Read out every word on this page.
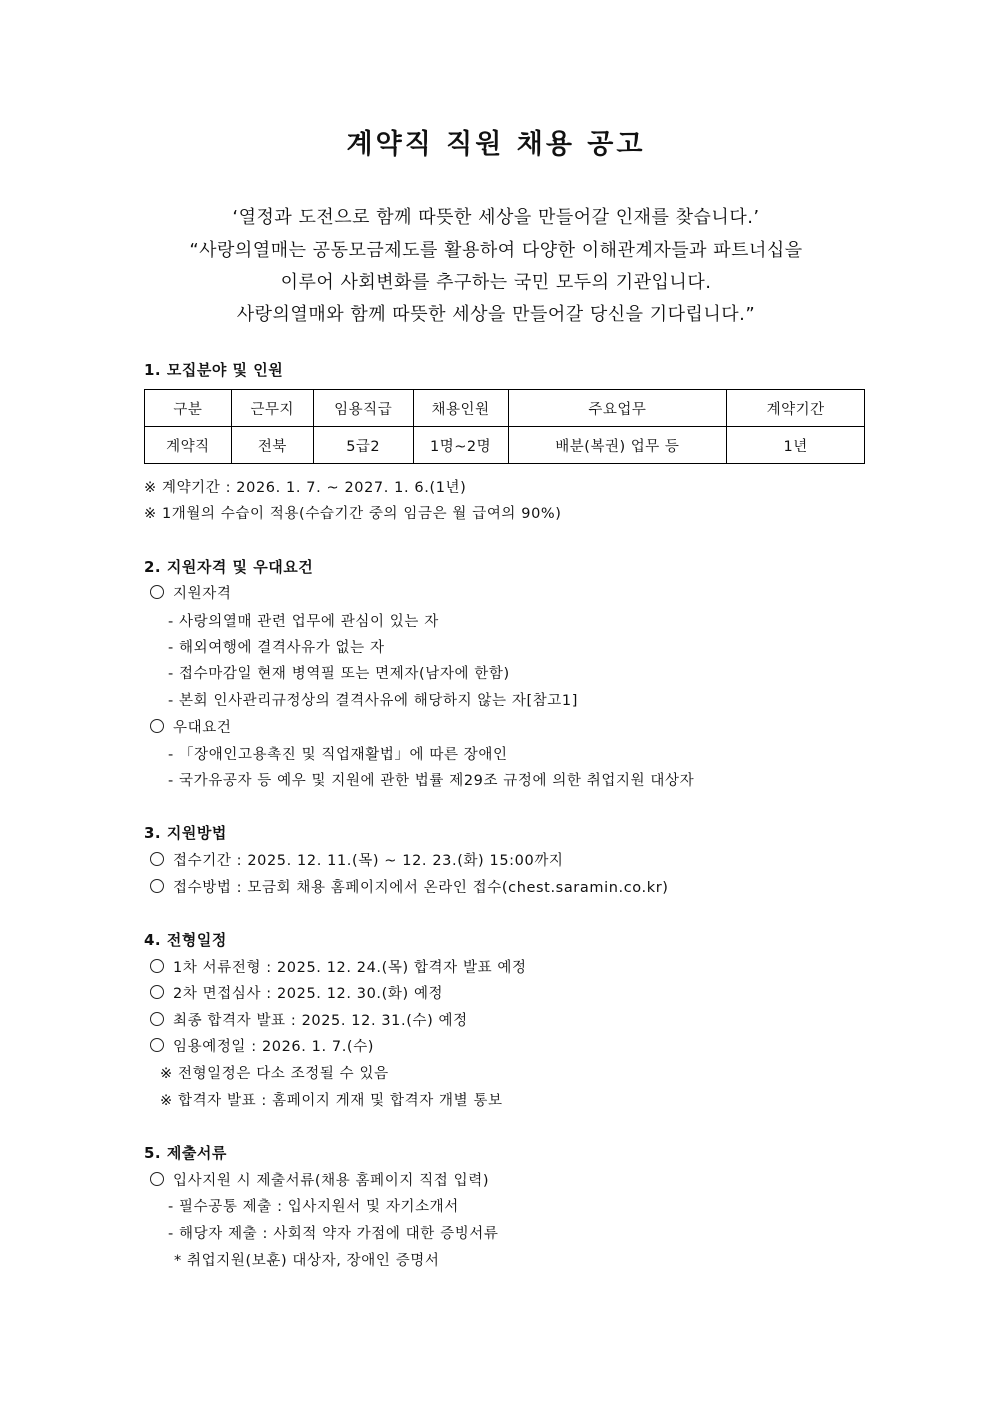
계약직 직원 채용 공고
‘열정과 도전으로 함께 따뜻한 세상을 만들어갈 인재를 찾습니다.’
“사랑의열매는 공동모금제도를 활용하여 다양한 이해관계자들과 파트너십을
이루어 사회변화를 추구하는 국민 모두의 기관입니다.
사랑의열매와 함께 따뜻한 세상을 만들어갈 당신을 기다립니다.”
1. 모집분야 및 인원
구분	근무지	임용직급	채용인원	주요업무	계약기간
계약직	전북	5급2	1명~2명	배분(복권) 업무 등	1년
※ 계약기간 : 2026. 1. 7. ~ 2027. 1. 6.(1년)
※ 1개월의 수습이 적용(수습기간 중의 임금은 월 급여의 90%)
2. 지원자격 및 우대요건
지원자격
- 사랑의열매 관련 업무에 관심이 있는 자
- 해외여행에 결격사유가 없는 자
- 접수마감일 현재 병역필 또는 면제자(남자에 한함)
- 본회 인사관리규정상의 결격사유에 해당하지 않는 자[참고1]
우대요건
- 「장애인고용촉진 및 직업재활법」에 따른 장애인
- 국가유공자 등 예우 및 지원에 관한 법률 제29조 규정에 의한 취업지원 대상자
3. 지원방법
접수기간 : 2025. 12. 11.(목) ~ 12. 23.(화) 15:00까지
접수방법 : 모금회 채용 홈페이지에서 온라인 접수(chest.saramin.co.kr)
4. 전형일정
1차 서류전형 : 2025. 12. 24.(목) 합격자 발표 예정
2차 면접심사 : 2025. 12. 30.(화) 예정
최종 합격자 발표 : 2025. 12. 31.(수) 예정
임용예정일 : 2026. 1. 7.(수)
※ 전형일정은 다소 조정될 수 있음
※ 합격자 발표 : 홈페이지 게재 및 합격자 개별 통보
5. 제출서류
입사지원 시 제출서류(채용 홈페이지 직접 입력)
- 필수공통 제출 : 입사지원서 및 자기소개서
- 해당자 제출 : 사회적 약자 가점에 대한 증빙서류
* 취업지원(보훈) 대상자, 장애인 증명서
